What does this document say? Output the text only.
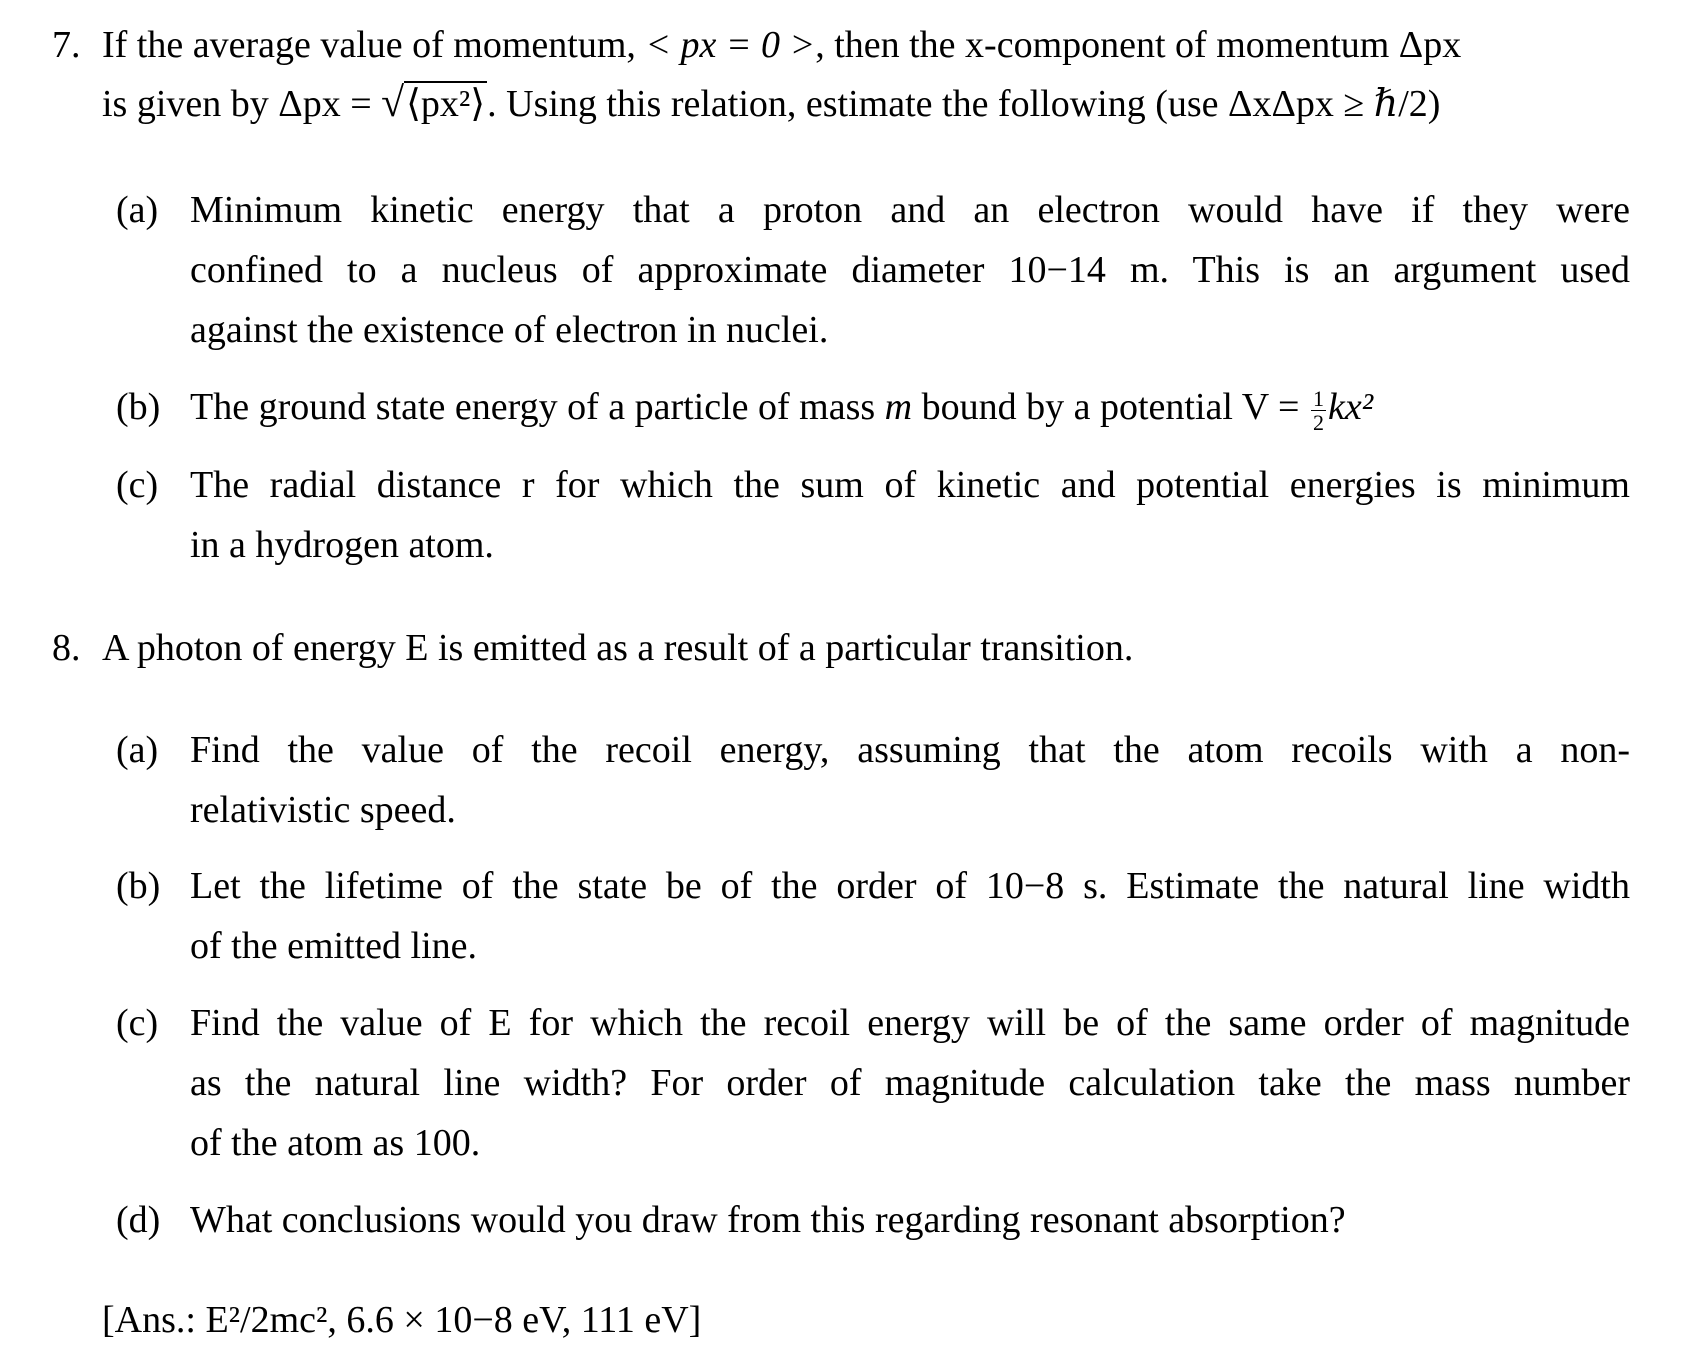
7. If the average value of momentum, < px = 0 >, then the x-component of momentum Δpx
is given by Δpx = √⟨px²⟩. Using this relation, estimate the following (use ΔxΔpx ≥ ℏ/2)
(a) Minimum kinetic energy that a proton and an electron would have if they were
confined to a nucleus of approximate diameter 10−14 m. This is an argument used
against the existence of electron in nuclei.
(b) The ground state energy of a particle of mass m bound by a potential $V = \frac{1}{2} kx^2$
(c) The radial distance r for which the sum of kinetic and potential energies is minimum
in a hydrogen atom.
8. A photon of energy E is emitted as a result of a particular transition.
(a) Find the value of the recoil energy, assuming that the atom recoils with a non-
relativistic speed.
(b) Let the lifetime of the state be of the order of 10−8 s. Estimate the natural line width
of the emitted line.
(c) Find the value of E for which the recoil energy will be of the same order of magnitude
as the natural line width? For order of magnitude calculation take the mass number
of the atom as 100.
(d) What conclusions would you draw from this regarding resonant absorption?
[Ans.: E²/2mc², 6.6 × 10−8 eV, 111 eV]
